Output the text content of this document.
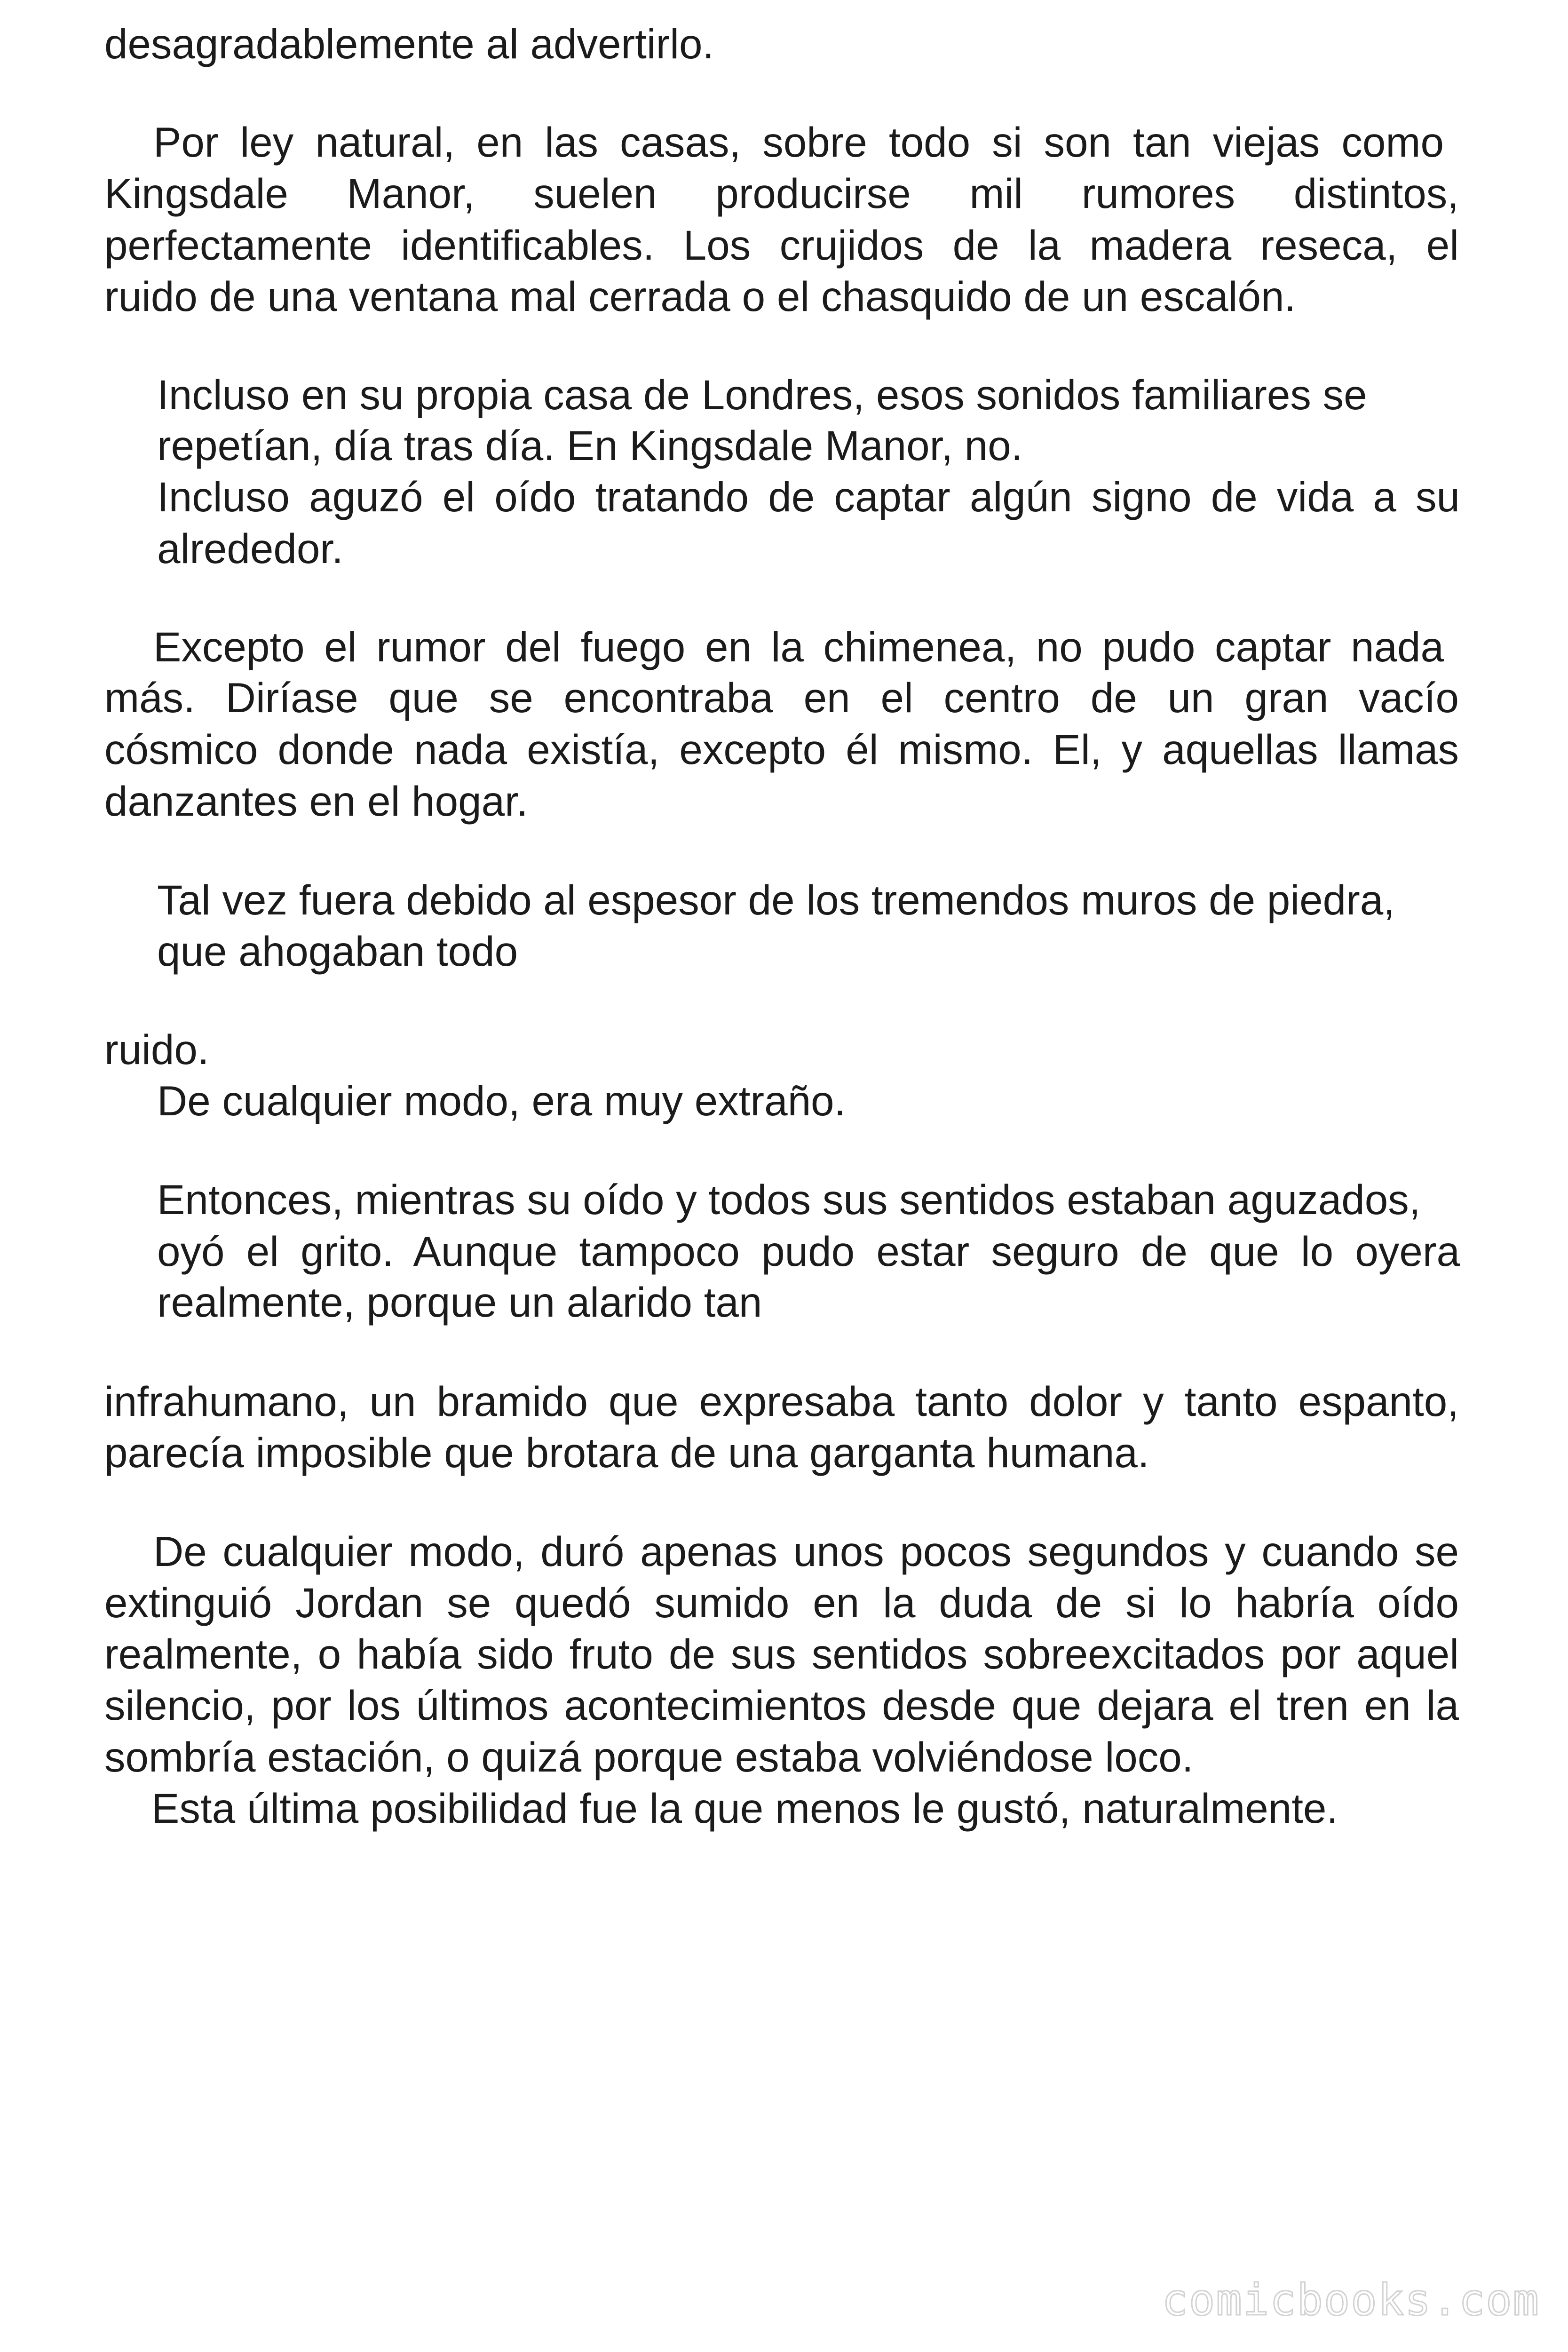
desagradablemente al advertirlo.

Por ley natural, en las casas, sobre todo si son tan viejas como

Kingsdale Manor, suelen producirse mil rumores distintos,

perfectamente identificables. Los crujidos de la madera reseca, el

ruido de una ventana mal cerrada o el chasquido de un escalón.

Incluso en su propia casa de Londres, esos sonidos familiares se

repetían, día tras día. En Kingsdale Manor, no.

Incluso aguzó el oído tratando de captar algún signo de vida a su

alrededor.

Excepto el rumor del fuego en la chimenea, no pudo captar nada

más. Diríase que se encontraba en el centro de un gran vacío

cósmico donde nada existía, excepto él mismo. El, y aquellas llamas

danzantes en el hogar.

Tal vez fuera debido al espesor de los tremendos muros de piedra,

que ahogaban todo

ruido.

De cualquier modo, era muy extraño.

Entonces, mientras su oído y todos sus sentidos estaban aguzados,

oyó el grito. Aunque tampoco pudo estar seguro de que lo oyera

realmente, porque un alarido tan

infrahumano, un bramido que expresaba tanto dolor y tanto espanto,

parecía imposible que brotara de una garganta humana.

De cualquier modo, duró apenas unos pocos segundos y cuando se

extinguió Jordan se quedó sumido en la duda de si lo habría oído

realmente, o había sido fruto de sus sentidos sobreexcitados por aquel

silencio, por los últimos acontecimientos desde que dejara el tren en la

sombría estación, o quizá porque estaba volviéndose loco.

Esta última posibilidad fue la que menos le gustó, naturalmente.

comicbooks.com
